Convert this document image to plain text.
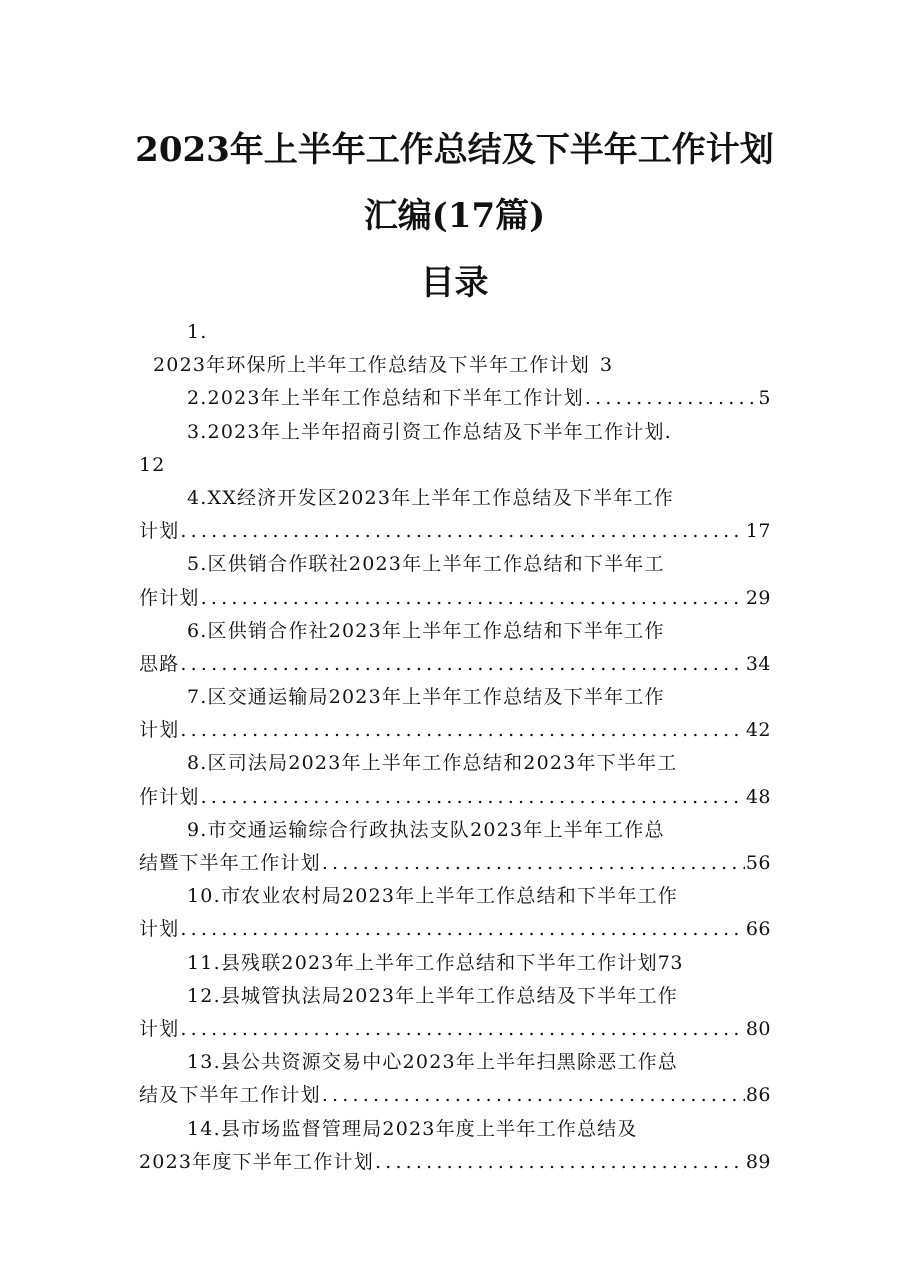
2023年上半年工作总结及下半年工作计划
汇编(17篇)
目录
1.
2023年环保所上半年工作总结及下半年工作计划 3
2.2023年上半年工作总结和下半年工作计划 .....	5
3.2023年上半年招商引资工作总结及下半年工作计划.
12
4.XX经济开发区2023年上半年工作总结及下半年工作
计划 .....	17
5.区供销合作联社2023年上半年工作总结和下半年工
作计划 .....	29
6.区供销合作社2023年上半年工作总结和下半年工作
思路 .....	34
7.区交通运输局2023年上半年工作总结及下半年工作
计划 .....	42
8.区司法局2023年上半年工作总结和2023年下半年工
作计划 .....	48
9.市交通运输综合行政执法支队2023年上半年工作总
结暨下半年工作计划 .....	56
10.市农业农村局2023年上半年工作总结和下半年工作
计划 .....	66
11.县残联2023年上半年工作总结和下半年工作计划 73
12.县城管执法局2023年上半年工作总结及下半年工作
计划 .....	80
13.县公共资源交易中心2023年上半年扫黑除恶工作总
结及下半年工作计划 .....	86
14.县市场监督管理局2023年度上半年工作总结及
2023年度下半年工作计划 .....	89
